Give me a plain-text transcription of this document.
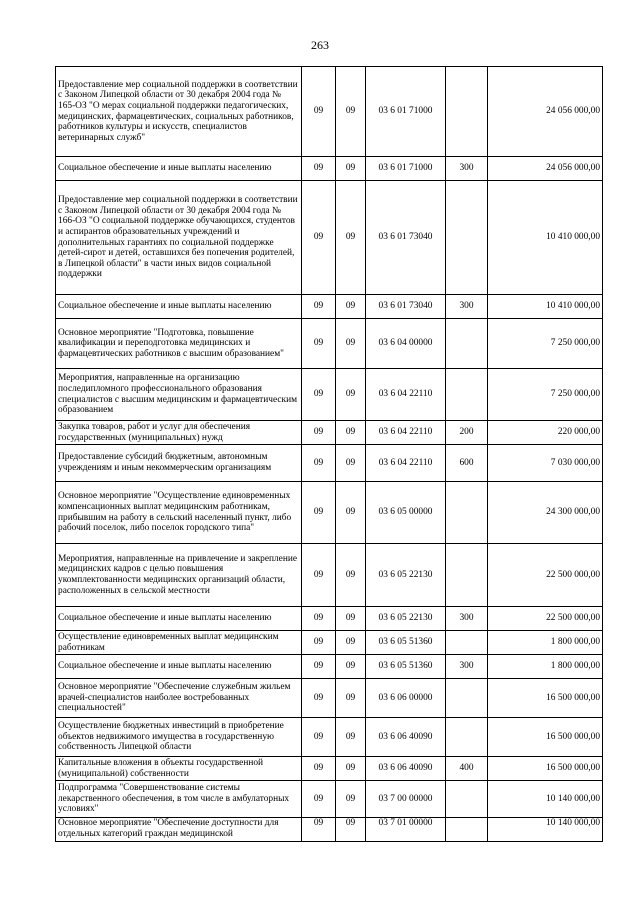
263
Предоставление мер социальной поддержки в соответствии с Законом Липецкой области от 30 декабря 2004 года № 165-ОЗ "О мерах социальной поддержки педагогических, медицинских, фармацевтических, социальных работников, работников культуры и искусств, специалистов ветеринарных служб"	09	09	03 6 01 71000		24 056 000,00
Социальное обеспечение и иные выплаты населению	09	09	03 6 01 71000	300	24 056 000,00
Предоставление мер социальной поддержки в соответствии с Законом Липецкой области от 30 декабря 2004 года № 166-ОЗ "О социальной поддержке обучающихся, студентов и аспирантов образовательных учреждений и дополнительных гарантиях по социальной поддержке детей-сирот и детей, оставшихся без попечения родителей, в Липецкой области" в части иных видов социальной поддержки	09	09	03 6 01 73040		10 410 000,00
Социальное обеспечение и иные выплаты населению	09	09	03 6 01 73040	300	10 410 000,00
Основное мероприятие "Подготовка, повышение квалификации и переподготовка медицинских и фармацевтических работников с высшим образованием"	09	09	03 6 04 00000		7 250 000,00
Мероприятия, направленные на организацию последипломного профессионального образования специалистов с высшим медицинским и фармацевтическим образованием	09	09	03 6 04 22110		7 250 000,00
Закупка товаров, работ и услуг для обеспечения государственных (муниципальных) нужд	09	09	03 6 04 22110	200	220 000,00
Предоставление субсидий бюджетным, автономным учреждениям и иным некоммерческим организациям	09	09	03 6 04 22110	600	7 030 000,00
Основное мероприятие "Осуществление единовременных компенсационных выплат медицинским работникам, прибывшим на работу в сельский населенный пункт, либо рабочий поселок, либо поселок городского типа"	09	09	03 6 05 00000		24 300 000,00
Мероприятия, направленные на привлечение и закрепление медицинских кадров с целью повышения укомплектованности медицинских организаций области, расположенных в сельской местности	09	09	03 6 05 22130		22 500 000,00
Социальное обеспечение и иные выплаты населению	09	09	03 6 05 22130	300	22 500 000,00
Осуществление единовременных выплат медицинским работникам	09	09	03 6 05 51360		1 800 000,00
Социальное обеспечение и иные выплаты населению	09	09	03 6 05 51360	300	1 800 000,00
Основное мероприятие "Обеспечение служебным жильем врачей-специалистов наиболее востребованных специальностей"	09	09	03 6 06 00000		16 500 000,00
Осуществление бюджетных инвестиций в приобретение объектов недвижимого имущества в государственную собственность Липецкой области	09	09	03 6 06 40090		16 500 000,00
Капитальные вложения в объекты государственной (муниципальной) собственности	09	09	03 6 06 40090	400	16 500 000,00
Подпрограмма "Совершенствование системы лекарственного обеспечения, в том числе в амбулаторных условиях"	09	09	03 7 00 00000		10 140 000,00
Основное мероприятие "Обеспечение доступности для отдельных категорий граждан медицинской	09	09	03 7 01 00000		10 140 000,00
